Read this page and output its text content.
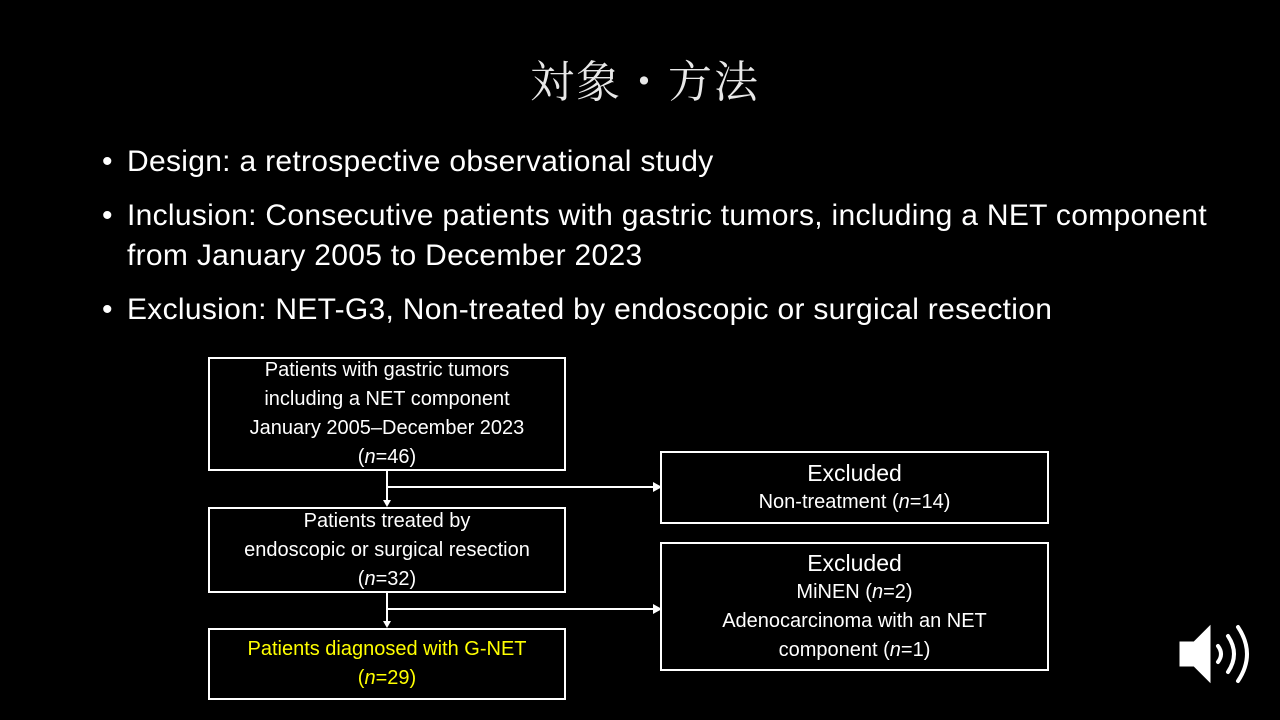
対象・方法
• Design: a retrospective observational study
• Inclusion: Consecutive patients with gastric tumors, including a NET component from January 2005 to December 2023
• Exclusion: NET-G3, Non-treated by endoscopic or surgical resection
Patients with gastric tumors
including a NET component
January 2005–December 2023
(n=46)
Patients treated by
endoscopic or surgical resection
(n=32)
Patients diagnosed with G-NET
(n=29)
Excluded
Non-treatment (n=14)
Excluded
MiNEN (n=2)
Adenocarcinoma with an NET
component (n=1)
